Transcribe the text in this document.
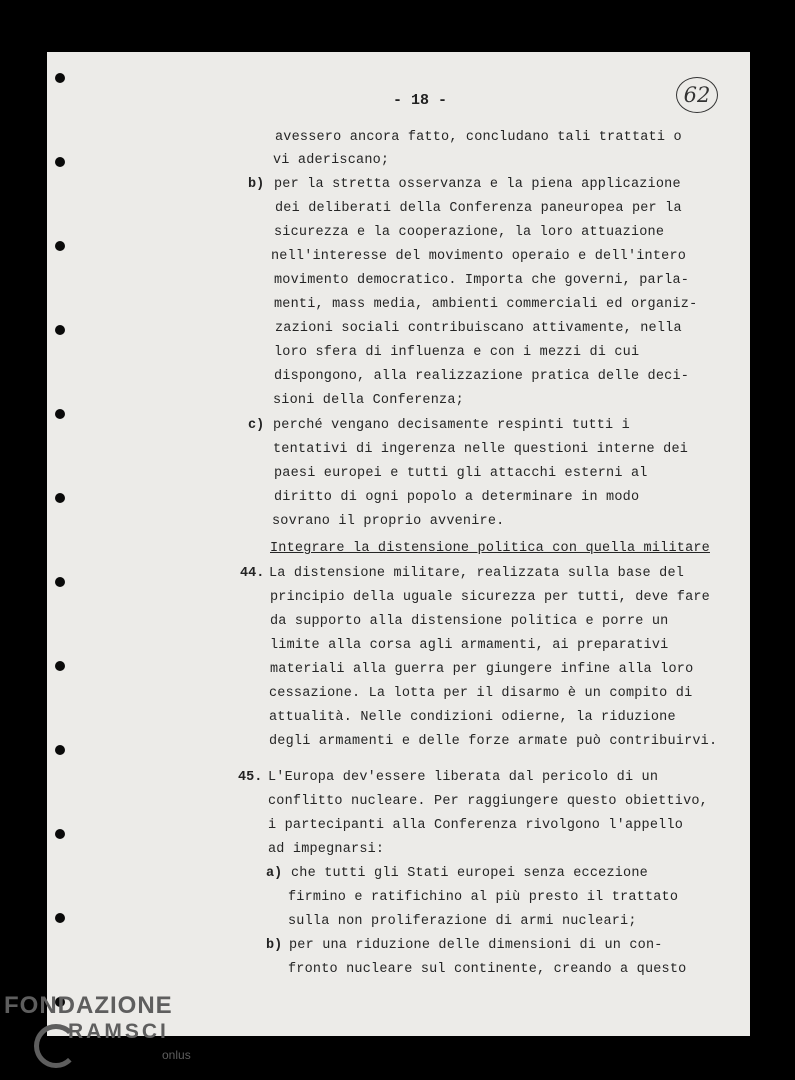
62
- 18 -
avessero ancora fatto, concludano tali trattati o
vi aderiscano;
b) per la stretta osservanza e la piena applicazione
dei deliberati della Conferenza paneuropea per la
sicurezza e la cooperazione, la loro attuazione
nell'interesse del movimento operaio e dell'intero
movimento democratico. Importa che governi, parla-
menti, mass media, ambienti commerciali ed organiz-
zazioni sociali contribuiscano attivamente, nella
loro sfera di influenza e con i mezzi di cui
dispongono, alla realizzazione pratica delle deci-
sioni della Conferenza;
c) perché vengano decisamente respinti tutti i
tentativi di ingerenza nelle questioni interne dei
paesi europei e tutti gli attacchi esterni al
diritto di ogni popolo a determinare in modo
sovrano il proprio avvenire.
Integrare la distensione politica con quella militare
44. La distensione militare, realizzata sulla base del
principio della uguale sicurezza per tutti, deve fare
da supporto alla distensione politica e porre un
limite alla corsa agli armamenti, ai preparativi
materiali alla guerra per giungere infine alla loro
cessazione. La lotta per il disarmo è un compito di
attualità. Nelle condizioni odierne, la riduzione
degli armamenti e delle forze armate può contribuirvi.
45. L'Europa dev'essere liberata dal pericolo di un
conflitto nucleare. Per raggiungere questo obiettivo,
i partecipanti alla Conferenza rivolgono l'appello
ad impegnarsi:
a) che tutti gli Stati europei senza eccezione
firmino e ratifichino al più presto il trattato
sulla non proliferazione di armi nucleari;
b) per una riduzione delle dimensioni di un con-
fronto nucleare sul continente, creando a questo
FONDAZIONE
RAMSCI
onlus
